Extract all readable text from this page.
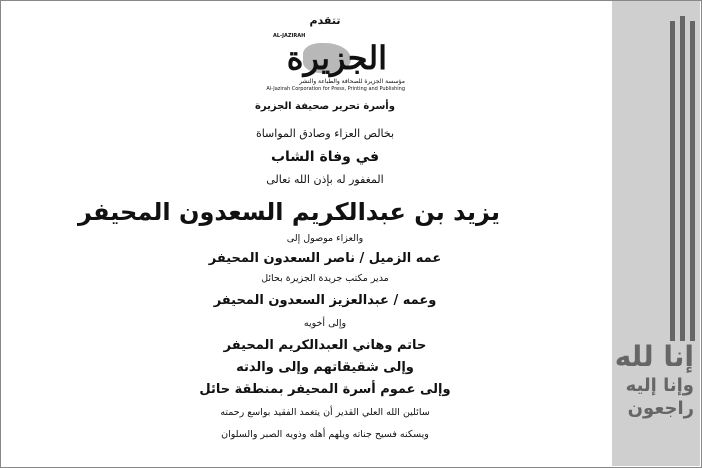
تتقدم
AL-JAZIRAH
الجزيرة
مؤسسة الجزيرة للصحافة والطباعة والنشر
Al-Jazirah Corporation for Press, Printing and Publishing
وأسرة تحرير صحيفة الجزيرة
بخالص العزاء وصادق المواساة
في وفاة الشاب
المغفور له بإذن الله تعالى
يزيد بن عبدالكريم السعدون المحيفر
والعزاء موصول إلى
عمه الزميل / ناصر السعدون المحيفر
مدير مكتب جريدة الجزيرة بحائل
وعمه / عبدالعزيز السعدون المحيفر
وإلى أخويه
حاتم وهاني العبدالكريم المحيفر
وإلى شقيقاتهم وإلى والدته
وإلى عموم أسرة المحيفر بمنطقة حائل
سائلين الله العلي القدير أن يتغمد الفقيد بواسع رحمته
ويسكنه فسيح جناته ويلهم أهله وذويه الصبر والسلوان
إنا لله
وإنا إليه
راجعون
